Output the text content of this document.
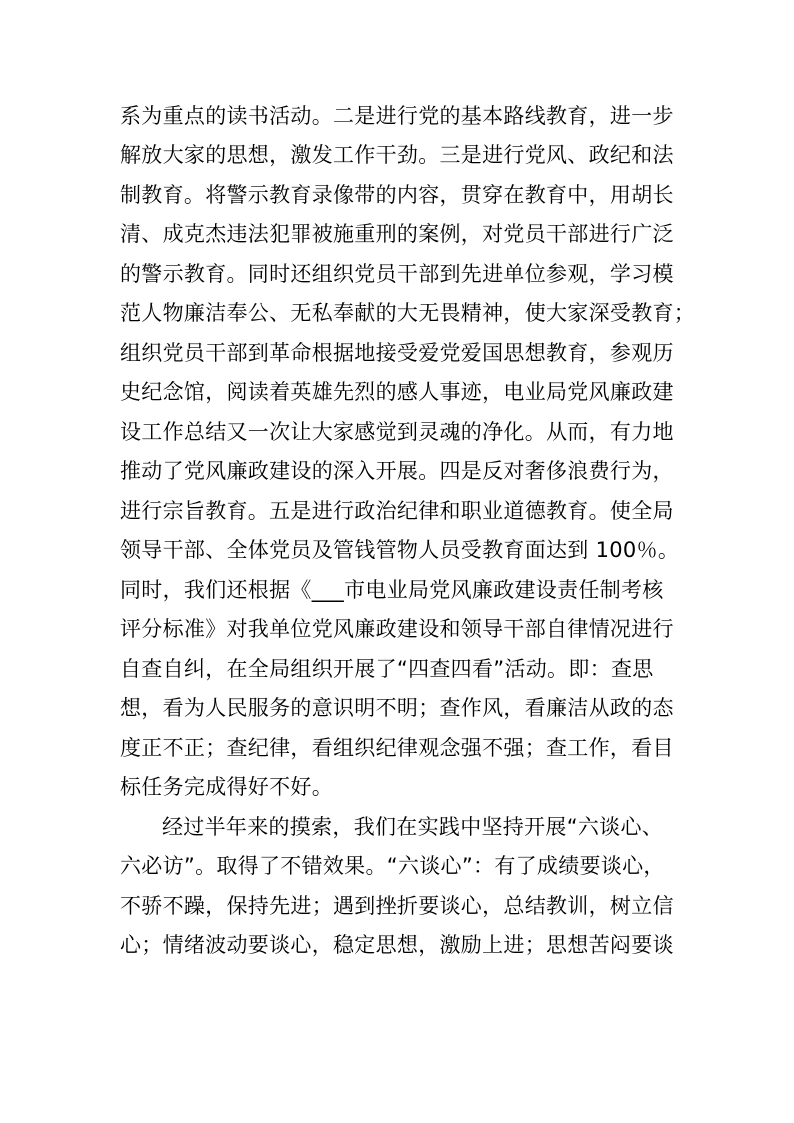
系为重点的读书活动。二是进行党的基本路线教育，进一步
解放大家的思想，激发工作干劲。三是进行党风、政纪和法
制教育。将警示教育录像带的内容，贯穿在教育中，用胡长
清、成克杰违法犯罪被施重刑的案例，对党员干部进行广泛
的警示教育。同时还组织党员干部到先进单位参观，学习模
范人物廉洁奉公、无私奉献的大无畏精神，使大家深受教育；
组织党员干部到革命根据地接受爱党爱国思想教育，参观历
史纪念馆，阅读着英雄先烈的感人事迹，电业局党风廉政建
设工作总结又一次让大家感觉到灵魂的净化。从而，有力地
推动了党风廉政建设的深入开展。四是反对奢侈浪费行为，
进行宗旨教育。五是进行政治纪律和职业道德教育。使全局
领导干部、全体党员及管钱管物人员受教育面达到 100％。
同时，我们还根据《___市电业局党风廉政建设责任制考核
评分标准》对我单位党风廉政建设和领导干部自律情况进行
自查自纠，在全局组织开展了“四查四看”活动。即：查思
想，看为人民服务的意识明不明；查作风，看廉洁从政的态
度正不正；查纪律，看组织纪律观念强不强；查工作，看目
标任务完成得好不好。
经过半年来的摸索，我们在实践中坚持开展“六谈心、
六必访”。取得了不错效果。“六谈心”：有了成绩要谈心，
不骄不躁，保持先进；遇到挫折要谈心，总结教训，树立信
心；情绪波动要谈心，稳定思想，激励上进；思想苦闷要谈
